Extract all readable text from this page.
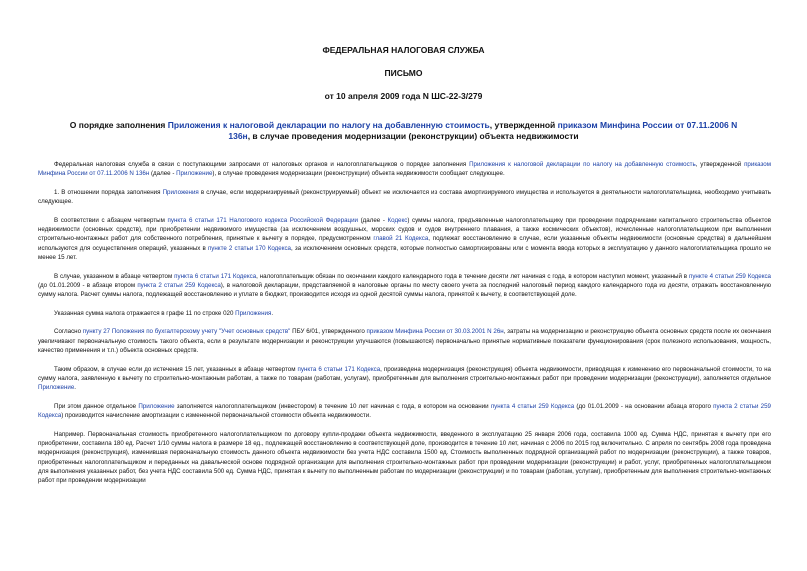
ФЕДЕРАЛЬНАЯ НАЛОГОВАЯ СЛУЖБА
ПИСЬМО
от 10 апреля 2009 года N ШС-22-3/279
О порядке заполнения Приложения к налоговой декларации по налогу на добавленную стоимость, утвержденной приказом Минфина России от 07.11.2006 N 136н, в случае проведения модернизации (реконструкции) объекта недвижимости

Федеральная налоговая служба в связи с поступающими запросами от налоговых органов и налогоплательщиков о порядке заполнения Приложения к налоговой декларации по налогу на добавленную стоимость, утвержденной приказом Минфина России от 07.11.2006 N 136н (далее - Приложение), в случае проведения модернизации (реконструкции) объекта недвижимости сообщает следующее.

1. В отношении порядка заполнения Приложения в случае, если модернизируемый (реконструируемый) объект не исключается из состава амортизируемого имущества и используется в деятельности налогоплательщика, необходимо учитывать следующее.

В соответствии с абзацем четвертым пункта 6 статьи 171 Налогового кодекса Российской Федерации (далее - Кодекс) суммы налога, предъявленные налогоплательщику при проведении подрядчиками капитального строительства объектов недвижимости (основных средств), при приобретении недвижимого имущества (за исключением воздушных, морских судов и судов внутреннего плавания, а также космических объектов), исчисленные налогоплательщиком при выполнении строительно-монтажных работ для собственного потребления, принятые к вычету в порядке, предусмотренном главой 21 Кодекса, подлежат восстановлению в случае, если указанные объекты недвижимости (основные средства) в дальнейшем используются для осуществления операций, указанных в пункте 2 статьи 170 Кодекса, за исключением основных средств, которые полностью самортизированы или с момента ввода которых в эксплуатацию у данного налогоплательщика прошло не менее 15 лет.

В случае, указанном в абзаце четвертом пункта 6 статьи 171 Кодекса, налогоплательщик обязан по окончании каждого календарного года в течение десяти лет начиная с года, в котором наступил момент, указанный в пункте 4 статьи 259 Кодекса (до 01.01.2009 - в абзаце втором пункта 2 статьи 259 Кодекса), в налоговой декларации, представляемой в налоговые органы по месту своего учета за последний налоговый период каждого календарного года из десяти, отражать восстановленную сумму налога. Расчет суммы налога, подлежащей восстановлению и уплате в бюджет, производится исходя из одной десятой суммы налога, принятой к вычету, в соответствующей доле.

Указанная сумма налога отражается в графе 11 по строке 020 Приложения.

Согласно пункту 27 Положения по бухгалтерскому учету "Учет основных средств" ПБУ 6/01, утвержденного приказом Минфина России от 30.03.2001 N 26н, затраты на модернизацию и реконструкцию объекта основных средств после их окончания увеличивают первоначальную стоимость такого объекта, если в результате модернизации и реконструкции улучшаются (повышаются) первоначально принятые нормативные показатели функционирования (срок полезного использования, мощность, качество применения и т.п.) объекта основных средств.

Таким образом, в случае если до истечения 15 лет, указанных в абзаце четвертом пункта 6 статьи 171 Кодекса, произведена модернизация (реконструкция) объекта недвижимости, приводящая к изменению его первоначальной стоимости, то на сумму налога, заявленную к вычету по строительно-монтажным работам, а также по товарам (работам, услугам), приобретенным для выполнения строительно-монтажных работ при проведении модернизации (реконструкции), заполняется отдельное Приложение.

При этом данное отдельное Приложение заполняется налогоплательщиком (инвестором) в течение 10 лет начиная с года, в котором на основании пункта 4 статьи 259 Кодекса (до 01.01.2009 - на основании абзаца второго пункта 2 статьи 259 Кодекса) производится начисление амортизации с измененной первоначальной стоимости объекта недвижимости.

Например. Первоначальная стоимость приобретенного налогоплательщиком по договору купли-продажи объекта недвижимости, введенного в эксплуатацию 25 января 2006 года, составила 1000 ед. Сумма НДС, принятая к вычету при его приобретении, составила 180 ед. Расчет 1/10 суммы налога в размере 18 ед., подлежащей восстановлению в соответствующей доле, производится в течение 10 лет, начиная с 2006 по 2015 год включительно. С апреля по сентябрь 2008 года проведена модернизация (реконструкция), изменившая первоначальную стоимость данного объекта недвижимости без учета НДС составила 1500 ед. Стоимость выполненных подрядной организацией работ по модернизации (реконструкции), а также товаров, приобретенных налогоплательщиком и переданных на давальческой основе подрядной организации для выполнения строительно-монтажных работ при проведении модернизации (реконструкции) и работ, услуг, приобретенных налогоплательщиком для выполнения указанных работ, без учета НДС составила 500 ед. Сумма НДС, принятая к вычету по выполненным работам по модернизации (реконструкции) и по товарам (работам, услугам), приобретенным для выполнения строительно-монтажных работ при проведении модернизации
